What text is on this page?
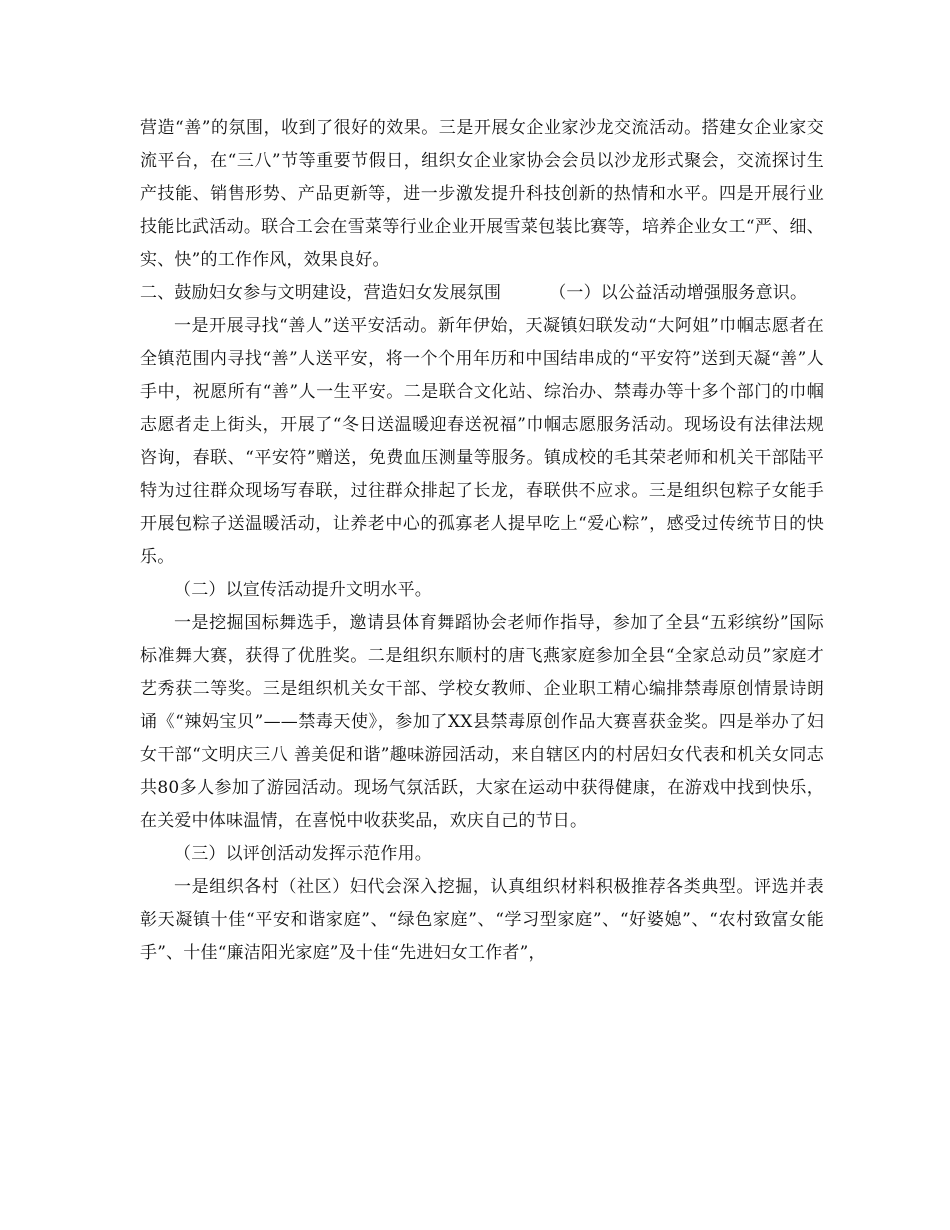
营造“善”的氛围，收到了很好的效果。三是开展女企业家沙龙交流活动。搭建女企业家交流平台，在“三八”节等重要节假日，组织女企业家协会会员以沙龙形式聚会，交流探讨生产技能、销售形势、产品更新等，进一步激发提升科技创新的热情和水平。四是开展行业技能比武活动。联合工会在雪菜等行业企业开展雪菜包装比赛等，培养企业女工“严、细、实、快”的工作作风，效果良好。

二、鼓励妇女参与文明建设，营造妇女发展氛围	（一）以公益活动增强服务意识。

一是开展寻找“善人”送平安活动。新年伊始，天凝镇妇联发动“大阿姐”巾帼志愿者在全镇范围内寻找“善”人送平安，将一个个用年历和中国结串成的“平安符”送到天凝“善”人手中，祝愿所有“善”人一生平安。二是联合文化站、综治办、禁毒办等十多个部门的巾帼志愿者走上街头，开展了“冬日送温暖迎春送祝福”巾帼志愿服务活动。现场设有法律法规咨询，春联、“平安符”赠送，免费血压测量等服务。镇成校的毛其荣老师和机关干部陆平特为过往群众现场写春联，过往群众排起了长龙，春联供不应求。三是组织包粽子女能手开展包粽子送温暖活动，让养老中心的孤寡老人提早吃上“爱心粽”，感受过传统节日的快乐。

（二）以宣传活动提升文明水平。

一是挖掘国标舞选手，邀请县体育舞蹈协会老师作指导，参加了全县“五彩缤纷”国际标准舞大赛，获得了优胜奖。二是组织东顺村的唐飞燕家庭参加全县“全家总动员”家庭才艺秀获二等奖。三是组织机关女干部、学校女教师、企业职工精心编排禁毒原创情景诗朗诵《“辣妈宝贝”——禁毒天使》，参加了XX县禁毒原创作品大赛喜获金奖。四是举办了妇女干部“文明庆三八 善美促和谐”趣味游园活动，来自辖区内的村居妇女代表和机关女同志共80多人参加了游园活动。现场气氛活跃，大家在运动中获得健康，在游戏中找到快乐，在关爱中体味温情，在喜悦中收获奖品，欢庆自己的节日。

（三）以评创活动发挥示范作用。

一是组织各村（社区）妇代会深入挖掘，认真组织材料积极推荐各类典型。评选并表彰天凝镇十佳“平安和谐家庭”、“绿色家庭”、“学习型家庭”、“好婆媳”、“农村致富女能手”、十佳“廉洁阳光家庭”及十佳“先进妇女工作者”，
